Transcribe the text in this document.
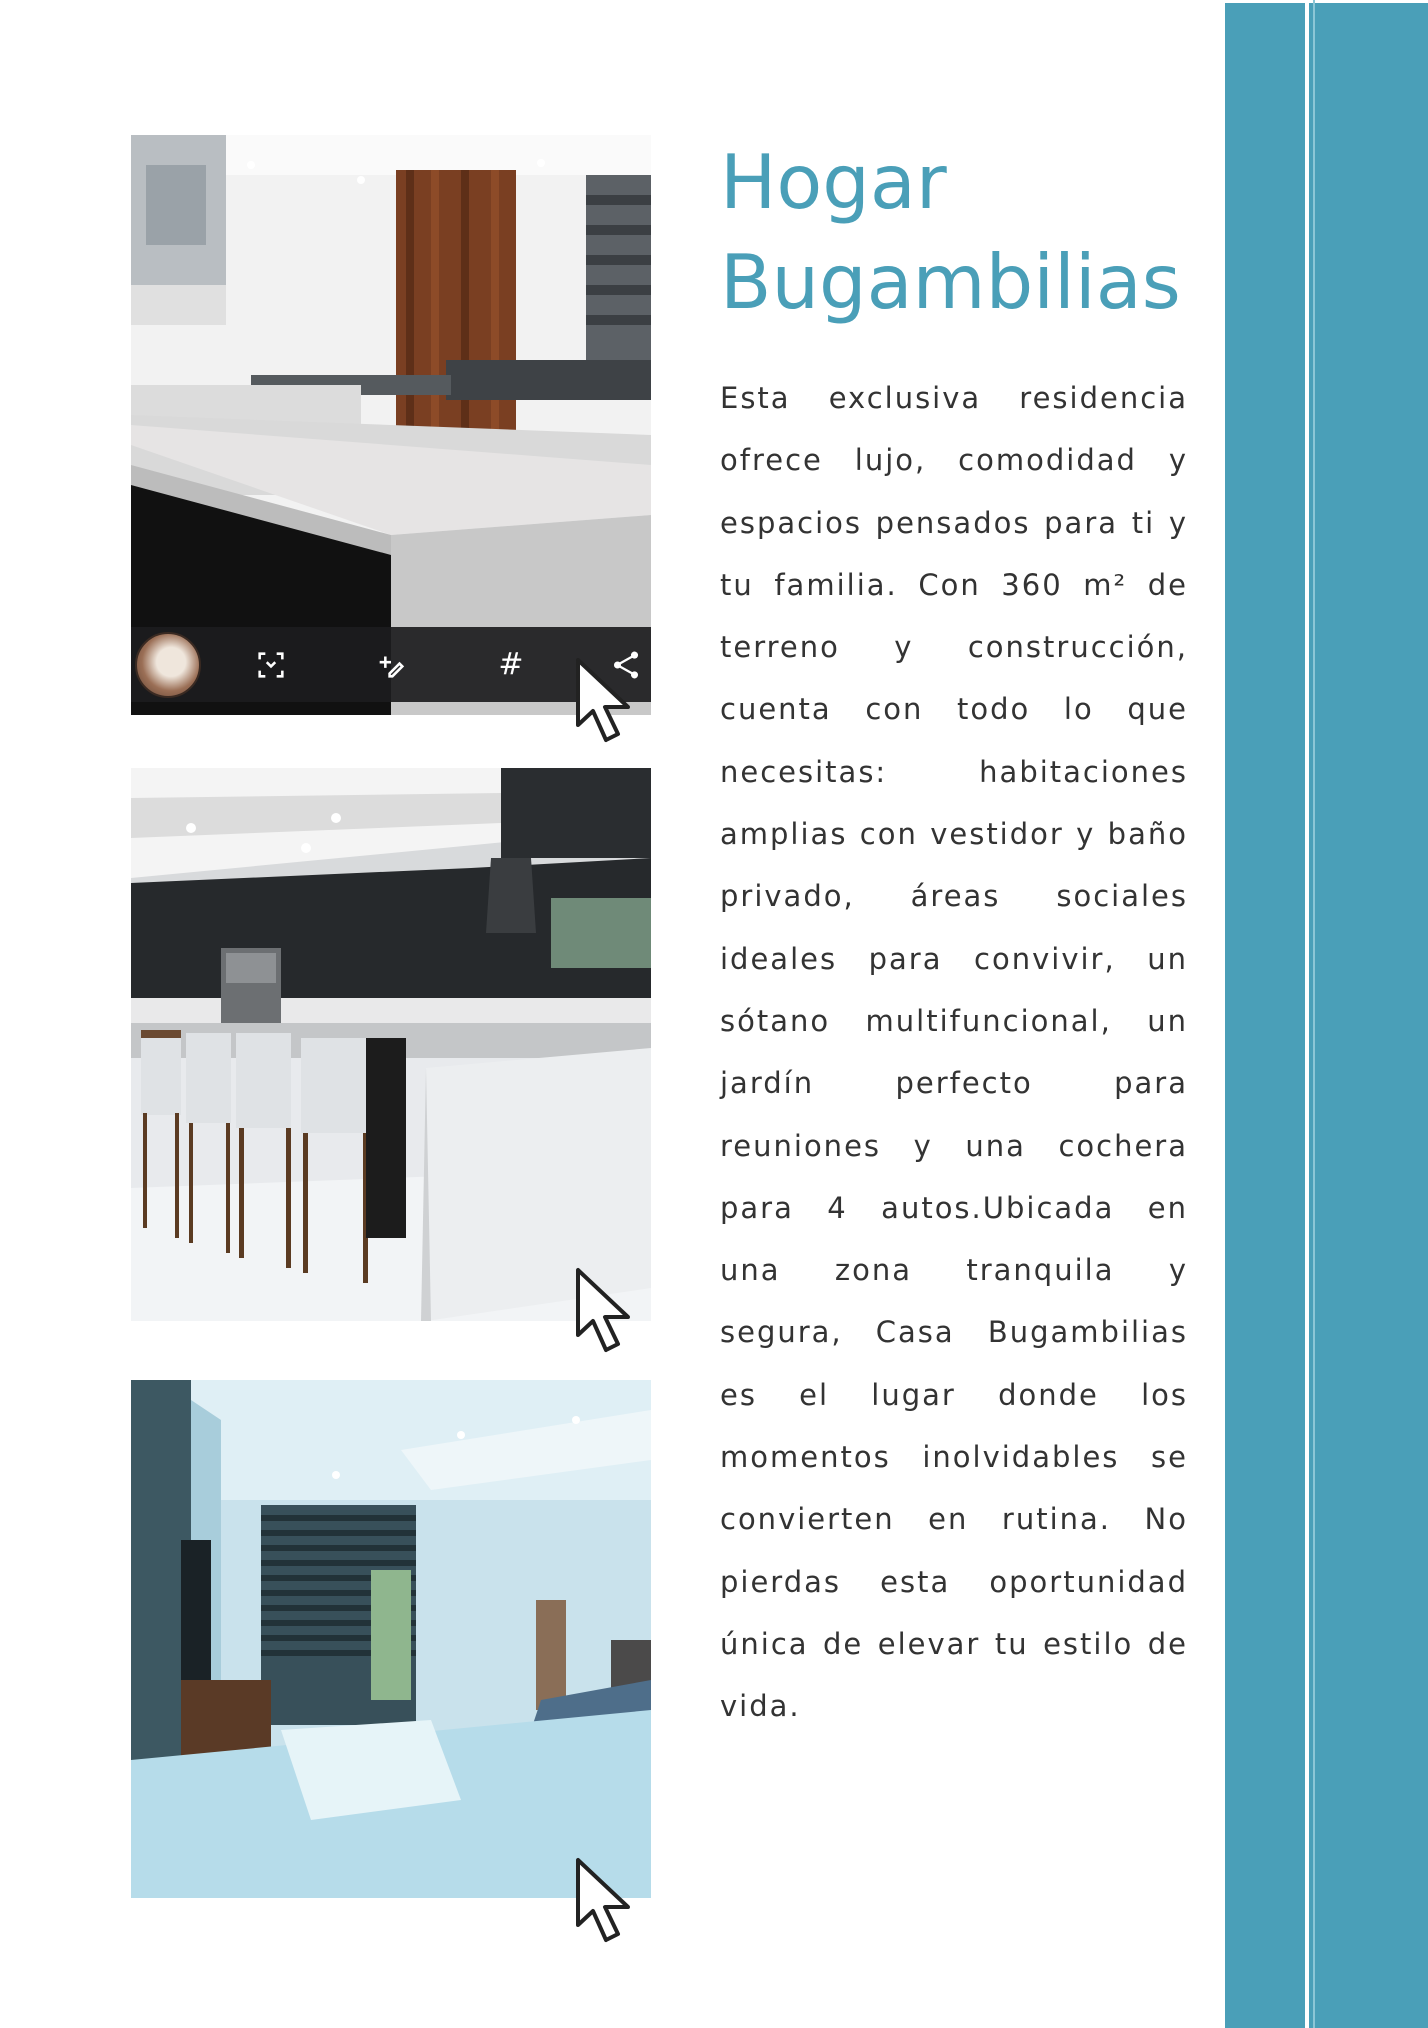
#
Hogar
Bugambilias

Esta exclusiva residencia ofrece lujo, comodidad y espacios pensados para ti y tu familia. Con 360 m² de terreno y construcción, cuenta con todo lo que necesitas: habitaciones amplias con vestidor y baño privado, áreas sociales ideales para convivir, un sótano multifuncional, un jardín perfecto para reuniones y una cochera para 4 autos.Ubicada en una zona tranquila y segura, Casa Bugambilias es el lugar donde los momentos inolvidables se convierten en rutina. No pierdas esta oportunidad única de elevar tu estilo de vida.
